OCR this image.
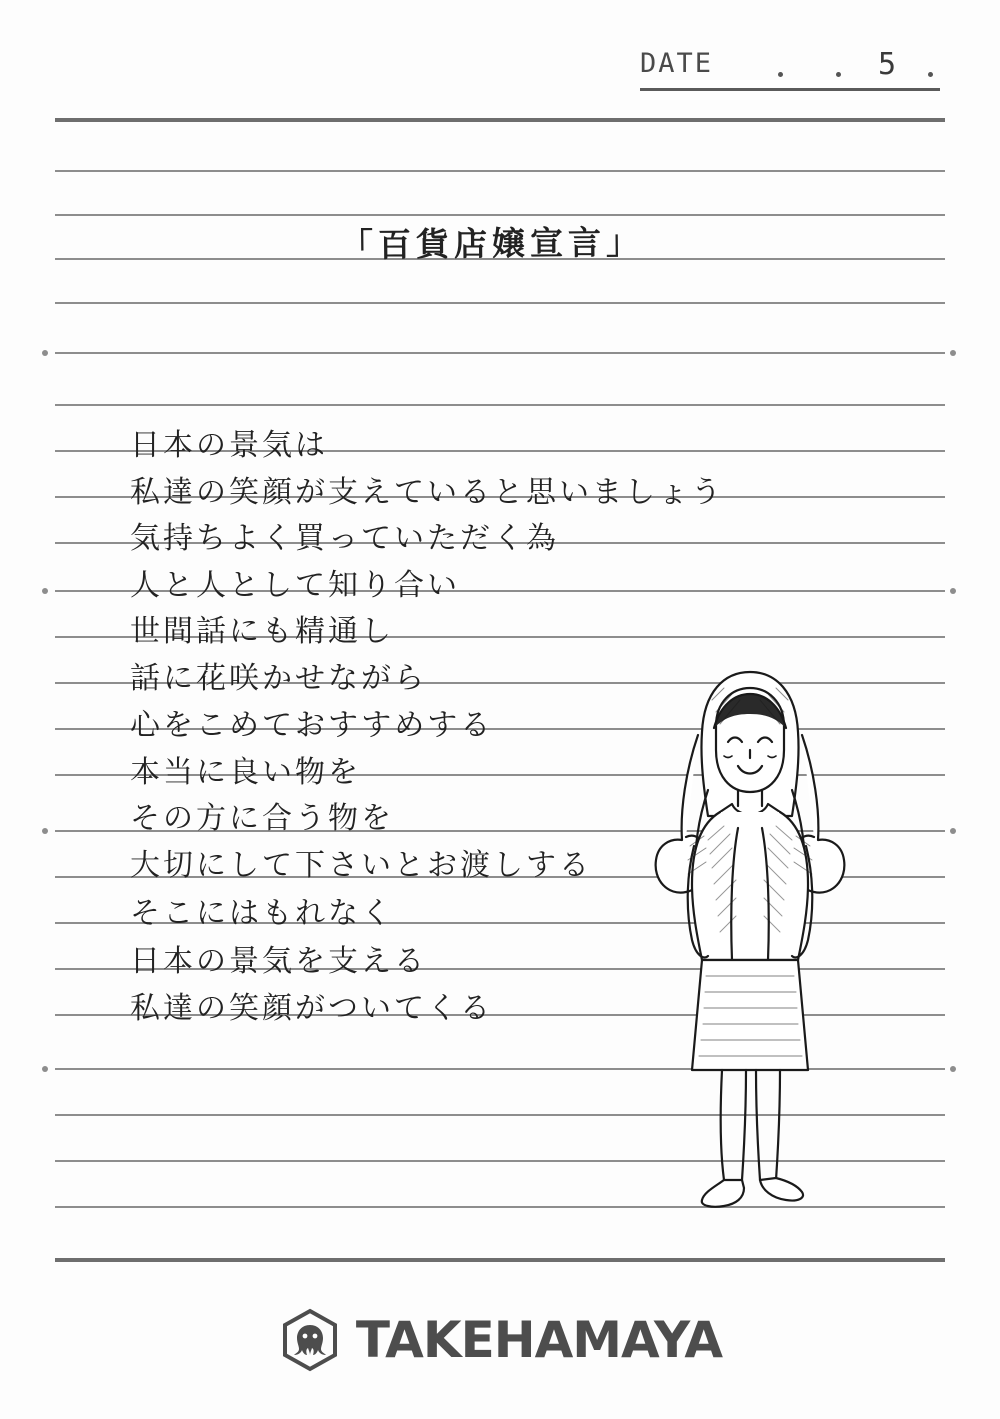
DATE	5
「百貨店嬢宣言」
日本の景気は
私達の笑顔が支えていると思いましょう
気持ちよく買っていただく為
人と人として知り合い
世間話にも精通し
話に花咲かせながら
心をこめておすすめする
本当に良い物を
その方に合う物を
大切にして下さいとお渡しする
そこにはもれなく
日本の景気を支える
私達の笑顔がついてくる
TAKEHAMAYA
